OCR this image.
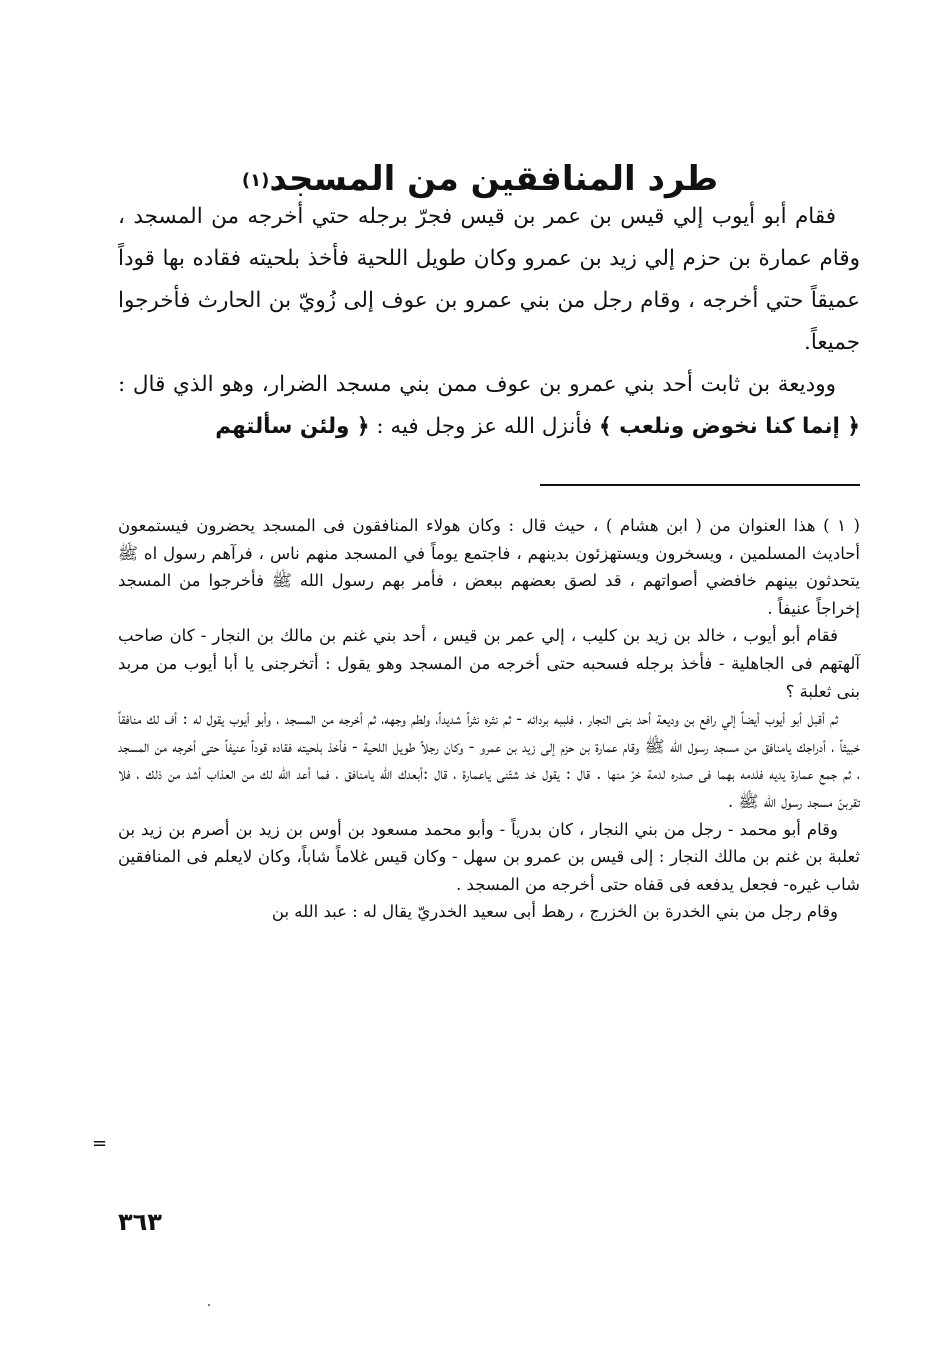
طرد المنافقين من المسجد$^{(١)}$

فقام أبو أيوب إلي قيس بن عمر بن قيس فجرّ برجله حتي أخرجه من المسجد ، وقام عمارة بن حزم إلي زيد بن عمرو وكان طويل اللحية فأخذ بلحيته فقاده بها قوداً عميقاً حتي أخرجه ، وقام رجل من بني عمرو بن عوف إلى زُويّ بن الحارث فأخرجوا جميعاً.

ووديعة بن ثابت أحد بني عمرو بن عوف ممن بني مسجد الضرار، وهو الذي قال : ﴿ إنما كنا نخوض ونلعب ﴾ فأنزل الله عز وجل فيه : ﴿ ولئن سألتهم

( ١ ) هذا العنوان من ( ابن هشام ) ، حيث قال : وكان هولاء المنافقون فى المسجد يحضرون فيستمعون أحاديث المسلمين ، ويسخرون ويستهزئون بدينهم ، فاجتمع يوماً في المسجد منهم ناس ، فرآهم رسول اه ﷺ يتحدثون بينهم خافضي أصواتهم ، قد لصق بعضهم ببعض ، فأمر بهم رسول الله ﷺ فأخرجوا من المسجد إخراجاً عنيفاً .

فقام أبو أيوب ، خالد بن زيد بن كليب ، إلي عمر بن قيس ، أحد بني غنم بن مالك بن النجار - كان صاحب آلهتهم فى الجاهلية - فأخذ برجله فسحبه حتى أخرجه من المسجد وهو يقول : أتخرجنى يا أبا أيوب من مربد بنى ثعلبة ؟

ثم أقبل أبو أيوب أيضاً إلي رافع بن وديعة أحد بنى النجار ، فلببه بردائه - ثم نثره نثراً شديداً، ولطم وجهه، ثم أخرجه من المسجد ، وأبو أيوب يقول له : أف لك منافقاً خبيثاً ، أدراجك يامنافق من مسجد رسول الله ﷺ وقام عمارة بن حزم إلى زيد بن عمرو - وكان رجلاً طويل اللحية - فأخذ بلحيته فقاده قوداً عنيفاً حتى أخرجه من المسجد ، ثم جمع عمارة يديه فلدمه بهما فى صدره لدمة خرّ منها . قال : يقول خد شتّنى ياعمارة ، قال :أبعدك الله يامنافق ، فما أعد الله لك من العذاب أشد من ذلك ، فلا تقربنّ مسجد رسول الله ﷺ .

وقام أبو محمد - رجل من بني النجار ، كان بدرياً - وأبو محمد مسعود بن أوس بن زيد بن أصرم بن زيد بن ثعلبة بن غنم بن مالك النجار : إلى قيس بن عمرو بن سهل - وكان قيس غلاماً شاباً، وكان لايعلم فى المنافقين شاب غيره- فجعل يدفعه فى قفاه حتى أخرجه من المسجد .

وقام رجل من بني الخدرة بن الخزرج ، رهط أبى سعيد الخدريّ يقال له : عبد الله بن

=
٣٦٣
